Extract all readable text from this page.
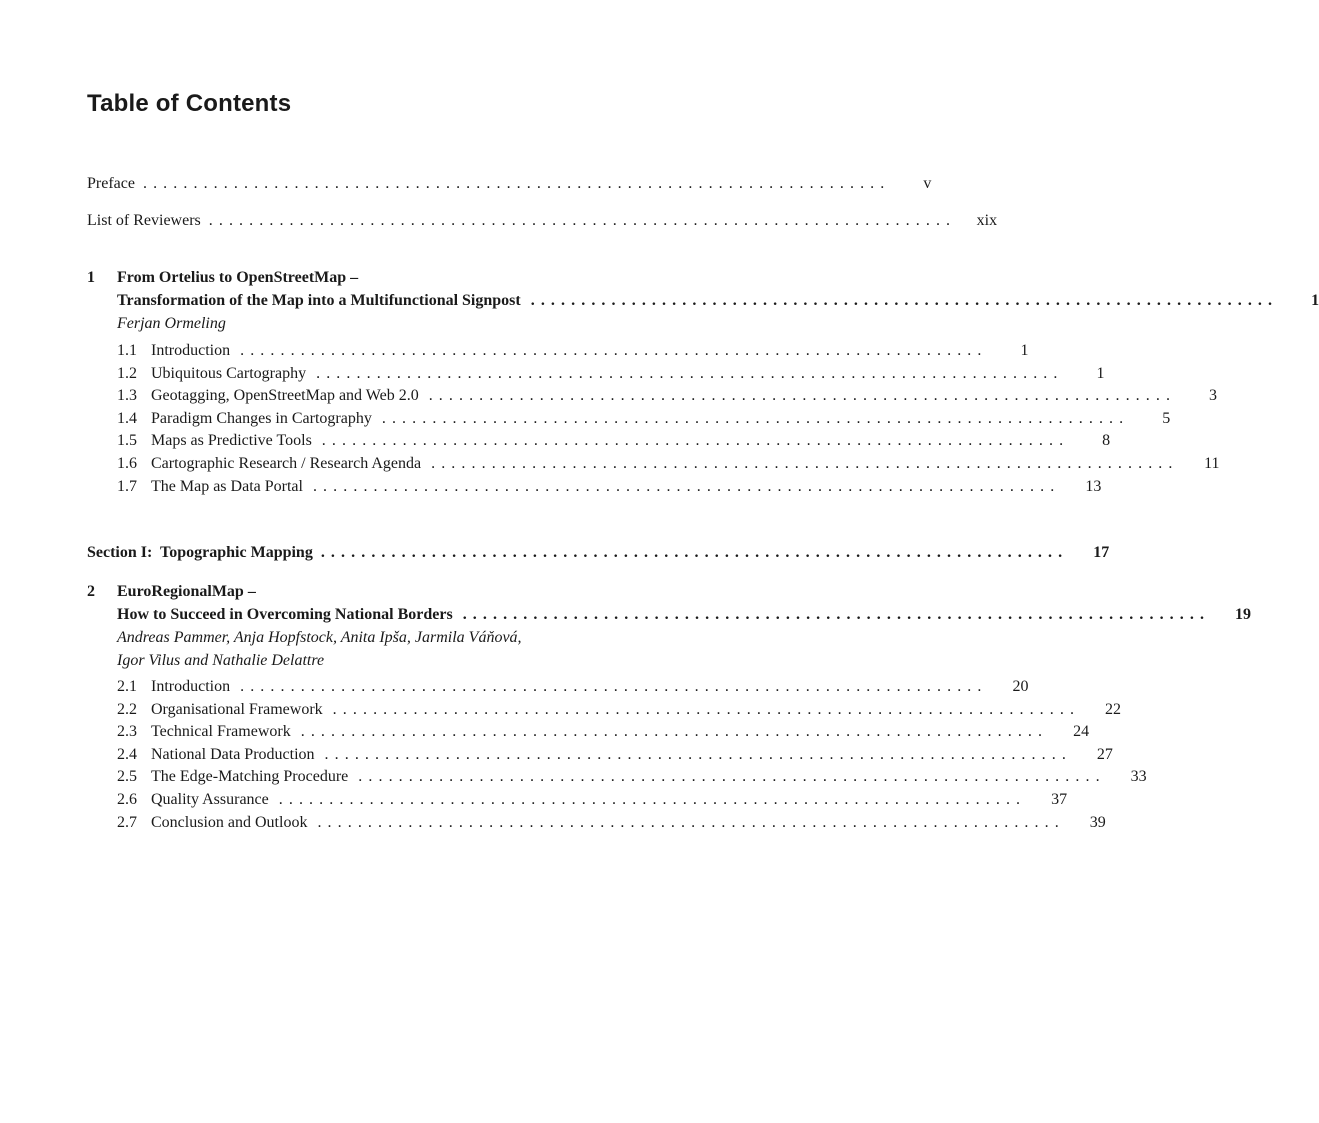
Table of Contents
Preface . . . . . . . . . . . . . . . . . . . . . . . . . . . . . . . . . . . . . . . . . . . . . . . . . . . . . . . . . . . . . . . . . . . . . . . . . .	v
List of Reviewers . . . . . . . . . . . . . . . . . . . . . . . . . . . . . . . . . . . . . . . . . . . . . . . . . . . . . . . . . . . . . . . . . . . . . . . . . .	xix
1 From Ortelius to OpenStreetMap –
Transformation of the Map into a Multifunctional Signpost . . . . . . . . . . . . . . . . . . . . . . . . . . . . . . . . . . . . . . . . . . . . . . . . . . . . . . . . . . . . . . . . . . . . . . . . . .	1
Ferjan Ormeling
1.1 Introduction . . . . . . . . . . . . . . . . . . . . . . . . . . . . . . . . . . . . . . . . . . . . . . . . . . . . . . . . . . . . . . . . . . . . . . . . . .	1
1.2 Ubiquitous Cartography . . . . . . . . . . . . . . . . . . . . . . . . . . . . . . . . . . . . . . . . . . . . . . . . . . . . . . . . . . . . . . . . . . . . . . . . . .	1
1.3 Geotagging, OpenStreetMap and Web 2.0 . . . . . . . . . . . . . . . . . . . . . . . . . . . . . . . . . . . . . . . . . . . . . . . . . . . . . . . . . . . . . . . . . . . . . . . . . .	3
1.4 Paradigm Changes in Cartography . . . . . . . . . . . . . . . . . . . . . . . . . . . . . . . . . . . . . . . . . . . . . . . . . . . . . . . . . . . . . . . . . . . . . . . . . .	5
1.5 Maps as Predictive Tools . . . . . . . . . . . . . . . . . . . . . . . . . . . . . . . . . . . . . . . . . . . . . . . . . . . . . . . . . . . . . . . . . . . . . . . . . .	8
1.6 Cartographic Research / Research Agenda . . . . . . . . . . . . . . . . . . . . . . . . . . . . . . . . . . . . . . . . . . . . . . . . . . . . . . . . . . . . . . . . . . . . . . . . . .	11
1.7 The Map as Data Portal . . . . . . . . . . . . . . . . . . . . . . . . . . . . . . . . . . . . . . . . . . . . . . . . . . . . . . . . . . . . . . . . . . . . . . . . . .	13
Section I:  Topographic Mapping . . . . . . . . . . . . . . . . . . . . . . . . . . . . . . . . . . . . . . . . . . . . . . . . . . . . . . . . . . . . . . . . . . . . . . . . . .	17
2 EuroRegionalMap –
How to Succeed in Overcoming National Borders . . . . . . . . . . . . . . . . . . . . . . . . . . . . . . . . . . . . . . . . . . . . . . . . . . . . . . . . . . . . . . . . . . . . . . . . . .	19
Andreas Pammer, Anja Hopfstock, Anita Ipša, Jarmila Váňová,
Igor Vilus and Nathalie Delattre
2.1 Introduction . . . . . . . . . . . . . . . . . . . . . . . . . . . . . . . . . . . . . . . . . . . . . . . . . . . . . . . . . . . . . . . . . . . . . . . . . .	20
2.2 Organisational Framework . . . . . . . . . . . . . . . . . . . . . . . . . . . . . . . . . . . . . . . . . . . . . . . . . . . . . . . . . . . . . . . . . . . . . . . . . .	22
2.3 Technical Framework . . . . . . . . . . . . . . . . . . . . . . . . . . . . . . . . . . . . . . . . . . . . . . . . . . . . . . . . . . . . . . . . . . . . . . . . . .	24
2.4 National Data Production . . . . . . . . . . . . . . . . . . . . . . . . . . . . . . . . . . . . . . . . . . . . . . . . . . . . . . . . . . . . . . . . . . . . . . . . . .	27
2.5 The Edge-Matching Procedure . . . . . . . . . . . . . . . . . . . . . . . . . . . . . . . . . . . . . . . . . . . . . . . . . . . . . . . . . . . . . . . . . . . . . . . . . .	33
2.6 Quality Assurance . . . . . . . . . . . . . . . . . . . . . . . . . . . . . . . . . . . . . . . . . . . . . . . . . . . . . . . . . . . . . . . . . . . . . . . . . .	37
2.7 Conclusion and Outlook . . . . . . . . . . . . . . . . . . . . . . . . . . . . . . . . . . . . . . . . . . . . . . . . . . . . . . . . . . . . . . . . . . . . . . . . . .	39
